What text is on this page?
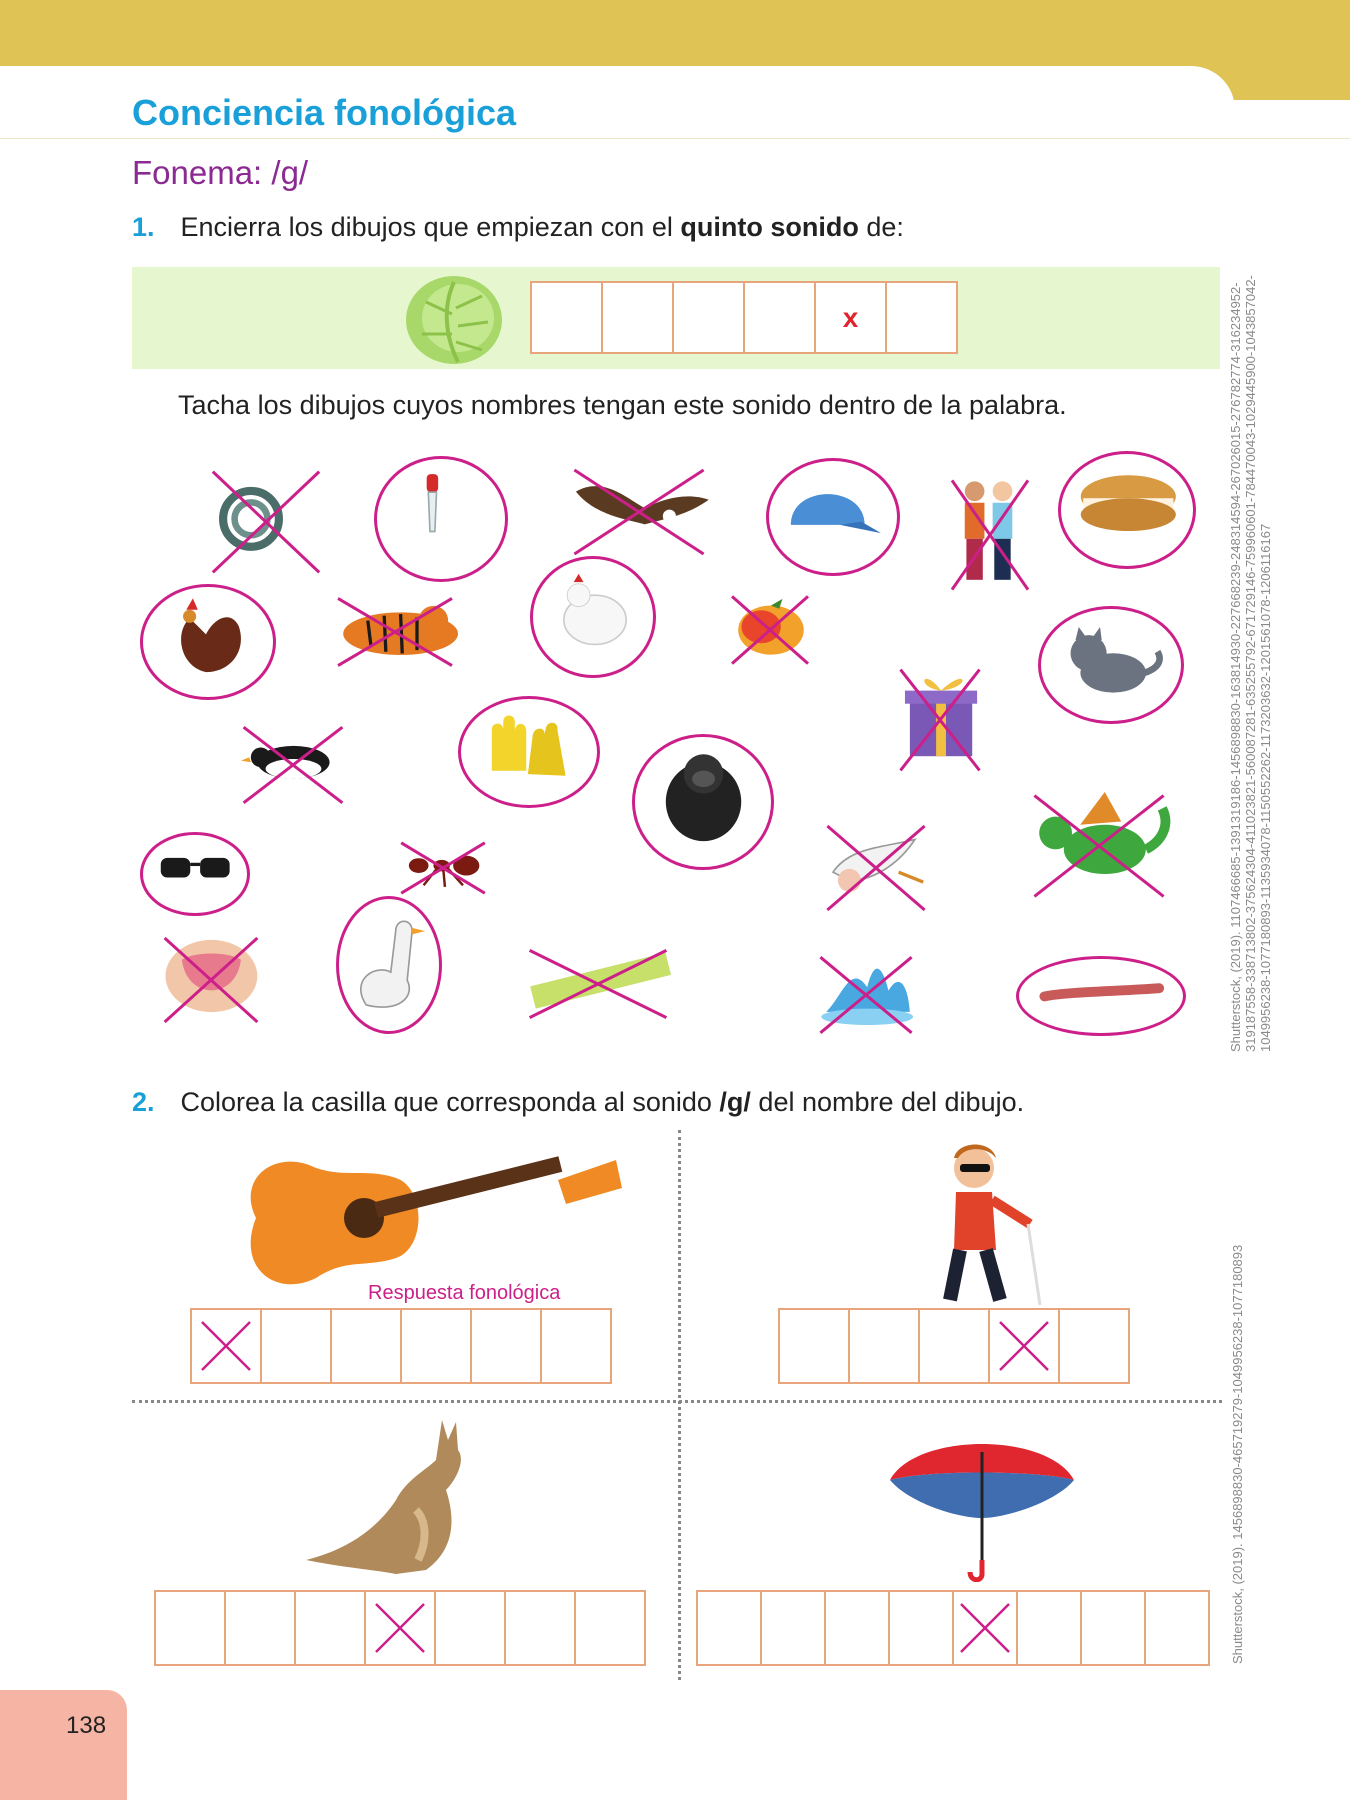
Conciencia fonológica
Fonema: /g/
1. Encierra los dibujos que empiezan con el quinto sonido de:
x
Tacha los dibujos cuyos nombres tengan este sonido dentro de la palabra.
2. Colorea la casilla que corresponda al sonido /g/ del nombre del dibujo.
Respuesta fonológica
Shutterstock, (2019). 1107466685-1391319186-1456898830-163814930-227668239-248314594-267026015-276782774-316234952-319187558-338713802-375624304-411023821-560087281-635255792-671729146-759960601-784470043-1029445900-1043857042-1049956238-1077180893-1135934078-1150552262-1173203632-1201561078-1206116167
Shutterstock, (2019). 1456898830-465719279-1049956238-1077180893
138
